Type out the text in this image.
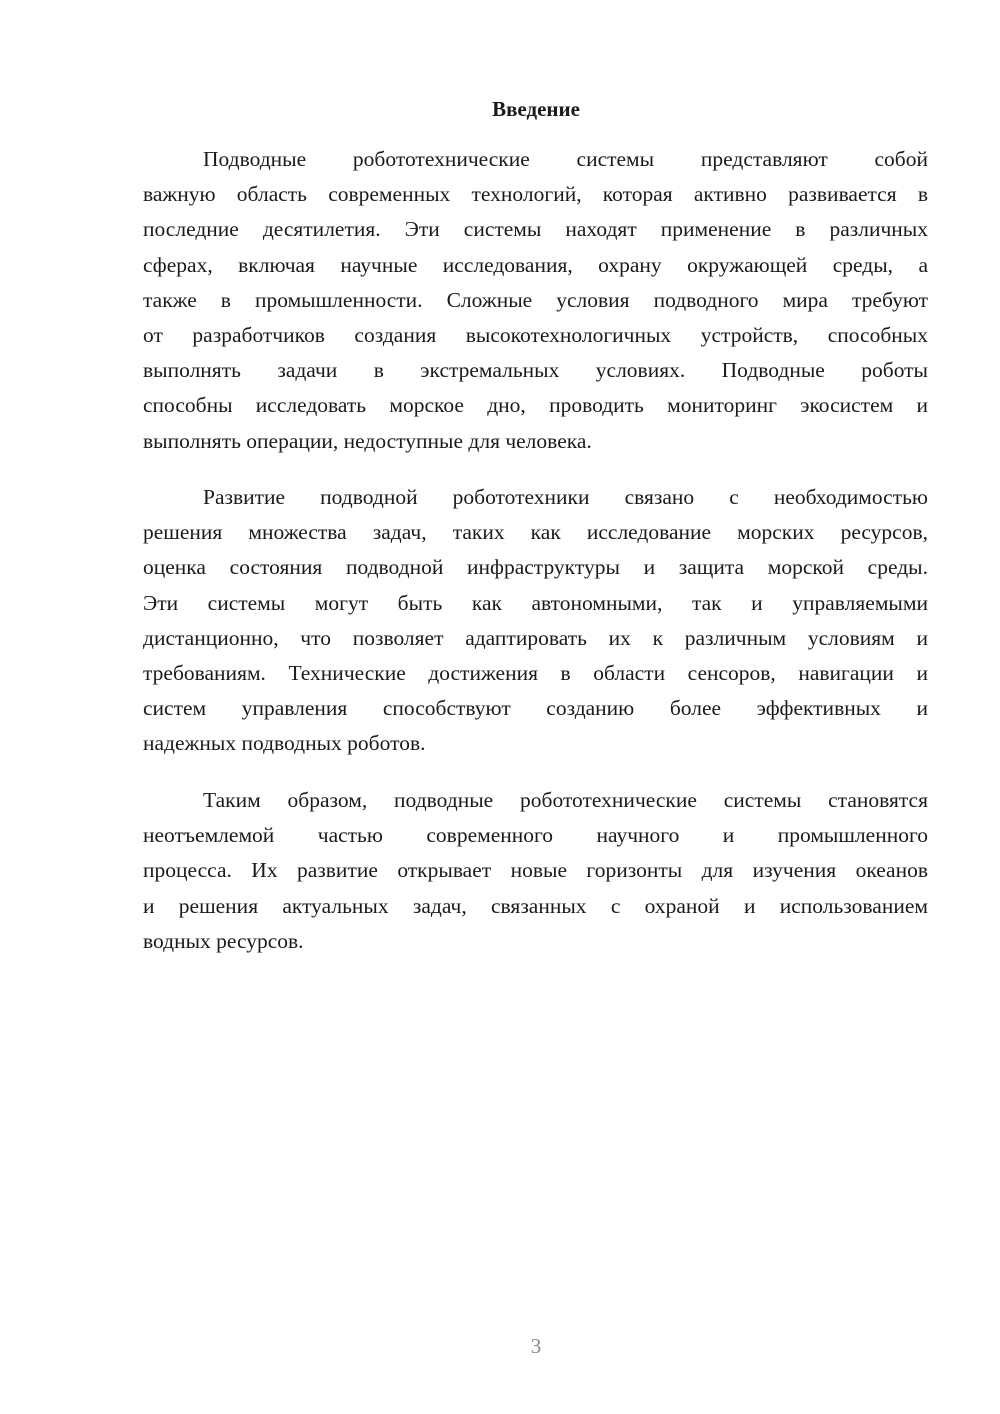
Введение
Подводные робототехнические системы представляют собой
важную область современных технологий, которая активно развивается в
последние десятилетия. Эти системы находят применение в различных
сферах, включая научные исследования, охрану окружающей среды, а
также в промышленности. Сложные условия подводного мира требуют
от разработчиков создания высокотехнологичных устройств, способных
выполнять задачи в экстремальных условиях. Подводные роботы
способны исследовать морское дно, проводить мониторинг экосистем и
выполнять операции, недоступные для человека.
Развитие подводной робототехники связано с необходимостью
решения множества задач, таких как исследование морских ресурсов,
оценка состояния подводной инфраструктуры и защита морской среды.
Эти системы могут быть как автономными, так и управляемыми
дистанционно, что позволяет адаптировать их к различным условиям и
требованиям. Технические достижения в области сенсоров, навигации и
систем управления способствуют созданию более эффективных и
надежных подводных роботов.
Таким образом, подводные робототехнические системы становятся
неотъемлемой частью современного научного и промышленного
процесса. Их развитие открывает новые горизонты для изучения океанов
и решения актуальных задач, связанных с охраной и использованием
водных ресурсов.
3
